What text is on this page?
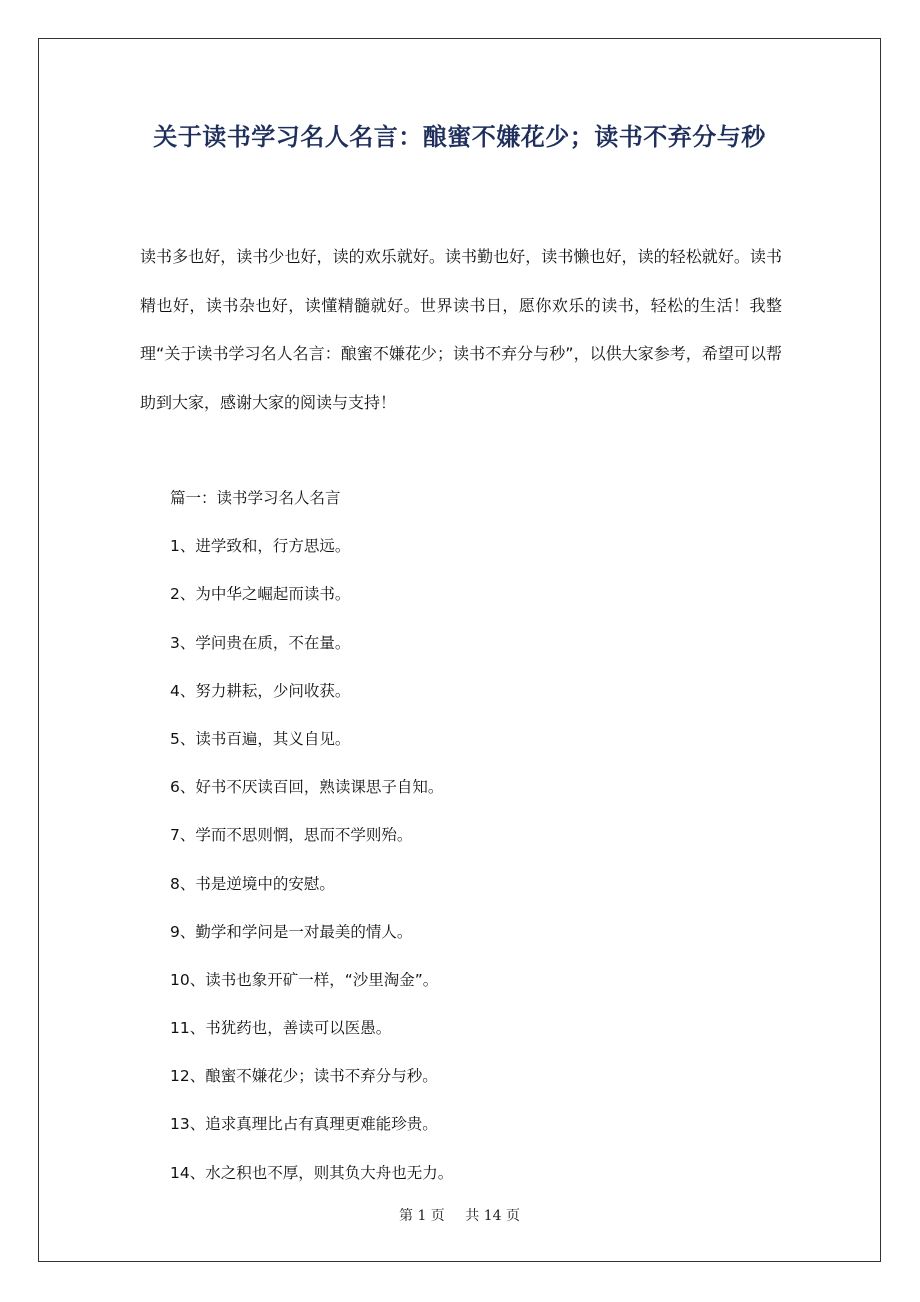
关于读书学习名人名言：酿蜜不嫌花少；读书不弃分与秒
读书多也好，读书少也好，读的欢乐就好。读书勤也好，读书懒也好，读的轻松就好。读书精也好，读书杂也好，读懂精髓就好。世界读书日，愿你欢乐的读书，轻松的生活！我整理“关于读书学习名人名言：酿蜜不嫌花少；读书不弃分与秒”，以供大家参考，希望可以帮助到大家，感谢大家的阅读与支持！
篇一：读书学习名人名言
1、进学致和，行方思远。
2、为中华之崛起而读书。
3、学问贵在质，不在量。
4、努力耕耘，少问收获。
5、读书百遍，其义自见。
6、好书不厌读百回，熟读课思子自知。
7、学而不思则惘，思而不学则殆。
8、书是逆境中的安慰。
9、勤学和学问是一对最美的情人。
10、读书也象开矿一样，“沙里淘金”。
11、书犹药也，善读可以医愚。
12、酿蜜不嫌花少；读书不弃分与秒。
13、追求真理比占有真理更难能珍贵。
14、水之积也不厚，则其负大舟也无力。
第 1 页 共 14 页
